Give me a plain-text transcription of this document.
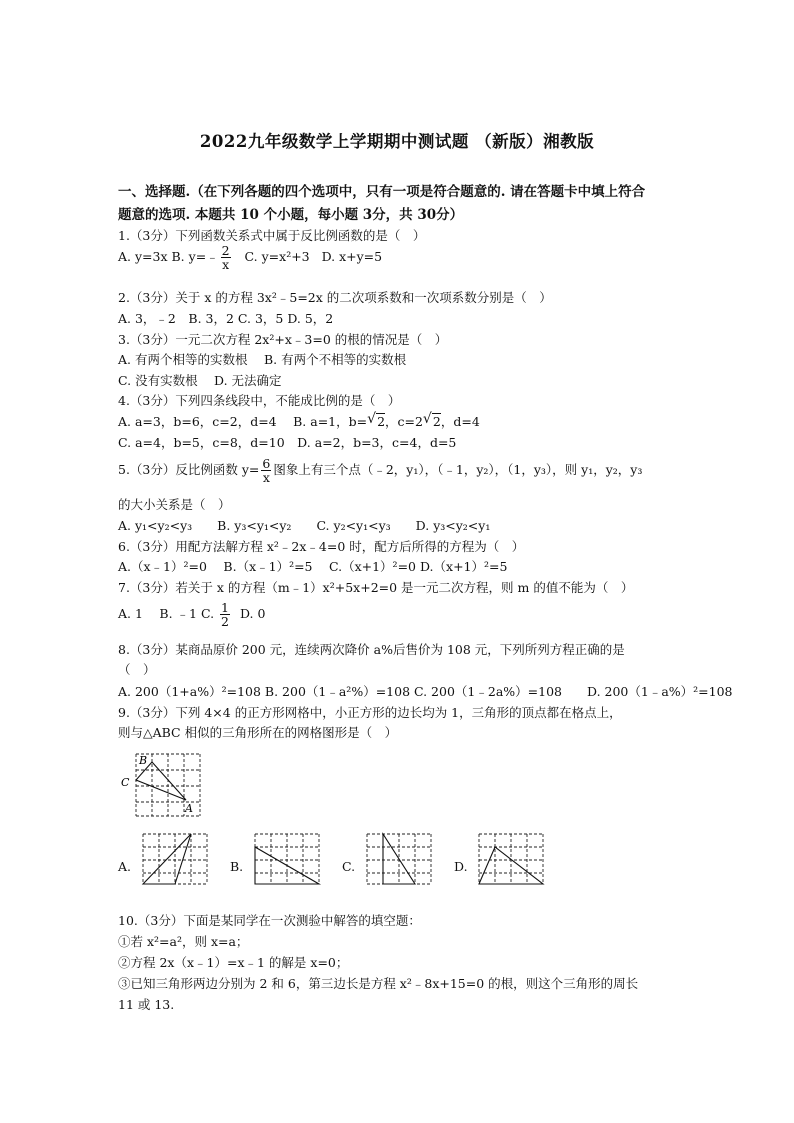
2022九年级数学上学期期中测试题 （新版）湘教版
一、选择题.（在下列各题的四个选项中，只有一项是符合题意的. 请在答题卡中填上符合
题意的选项. 本题共 10 个小题，每小题 3分，共 30分）
1.（3分）下列函数关系式中属于反比例函数的是（　）
A. y=3x B. y=﹣ $\frac{2}{x} C$. y=x²+3 D. x+y=5
2.（3分）关于 x 的方程 3x²﹣5=2x 的二次项系数和一次项系数分别是（　）
A. 3，﹣2　B. 3，2 C. 3，5 D. 5，2
3.（3分）一元二次方程 2x²+x﹣3=0 的根的情况是（　）
A. 有两个相等的实数根　 B. 有两个不相等的实数根
C. 没有实数根　 D. 无法确定
4.（3分）下列四条线段中，不能成比例的是（　）
A. a=3，b=6，c=2，d=4　 B. a=1，b= √ 2，c=2 √ 2，d=4
C. a=4，b=5，c=8，d=10　D. a=2，b=3，c=4，d=5
5.（3分）反比例函数 $y= \frac{6}{x}$ 图象上有三个点（﹣2，y₁），（﹣1，y₂），（1，y₃），则 y₁，y₂，y₃
的大小关系是（　）
A. y₁<y₂<y₃　　B. y₃<y₁<y₂　　C. y₂<y₁<y₃　　D. y₃<y₂<y₁
6.（3分）用配方法解方程 x²﹣2x﹣4=0 时，配方后所得的方程为（　）
A.（x﹣1）²=0　 B.（x﹣1）²=5　 C.（x+1）²=0 D.（x+1）²=5
7.（3分）若关于 x 的方程（m﹣1）x²+5x+2=0 是一元二次方程，则 m 的值不能为（　）
A. 1　 B. ﹣1 C. $\frac{1}{2} D$. 0
8.（3分）某商品原价 200 元，连续两次降价 a%后售价为 108 元，下列所列方程正确的是
（　）
A. 200（1+a%）²=108 B. 200（1﹣a²%）=108 C. 200（1﹣2a%）=108　　D. 200（1﹣a%）²=108
9.（3分）下列 4×4 的正方形网格中，小正方形的边长均为 1，三角形的顶点都在格点上，
则与△ABC 相似的三角形所在的网格图形是（　）
B
C
A
A.	B.	C.	D.
10.（3分）下面是某同学在一次测验中解答的填空题：
①若 x²=a²，则 x=a；
②方程 2x（x﹣1）=x﹣1 的解是 x=0；
③已知三角形两边分别为 2 和 6，第三边长是方程 x²﹣8x+15=0 的根，则这个三角形的周长
11 或 13.
